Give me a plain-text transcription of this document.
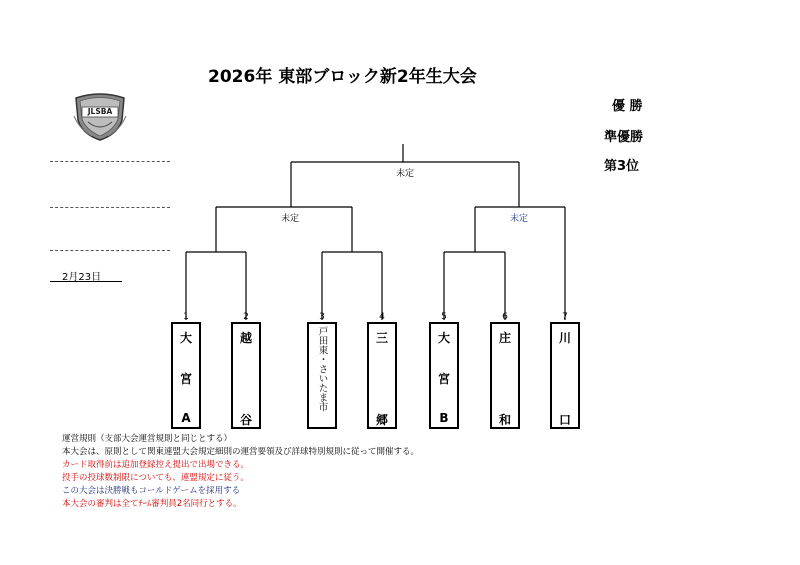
2026年 東部ブロック新2年生大会
JLSBA	優 勝
準優勝
第3位
2月23日
未定
未定	未定
1	2	3	4	5	6	7
大
宮
A
越
谷
戸田東・さいたま市	三
郷
大
宮
B
庄
和
川
口
運営規則（支部大会運営規則と同じとする）
本大会は、原則として関東連盟大会規定細則の運営要領及び詳球特別規則に従って開催する。
カード取得前は追加登録控え提出で出場できる。
投手の投球数制限についても、連盟規定に従う。
この大会は決勝戦もコールドゲームを採用する
本大会の審判は全てﾁｰﾑ審判員2名同行とする。
